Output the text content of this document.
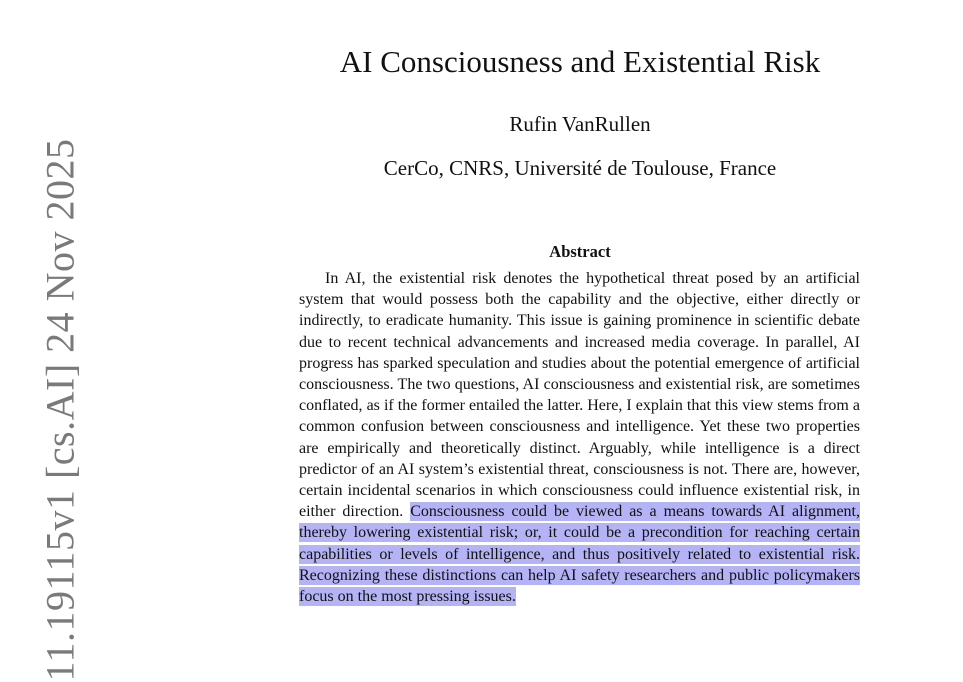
11.19115v1 [cs.AI] 24 Nov 2025
AI Consciousness and Existential Risk
Rufin VanRullen
CerCo, CNRS, Université de Toulouse, France
Abstract

In AI, the existential risk denotes the hypothetical threat posed by an artificial system that would possess both the capability and the objective, either directly or indirectly, to eradicate humanity. This issue is gaining prominence in scientific debate due to recent technical advancements and increased media coverage. In parallel, AI progress has sparked speculation and studies about the potential emergence of artificial consciousness. The two questions, AI consciousness and existential risk, are sometimes conflated, as if the former entailed the latter. Here, I explain that this view stems from a common confusion between consciousness and intelligence. Yet these two properties are empirically and theoretically distinct. Arguably, while intelligence is a direct predictor of an AI system’s existential threat, consciousness is not. There are, however, certain incidental scenarios in which consciousness could influence existential risk, in either direction. Consciousness could be viewed as a means towards AI alignment, thereby lowering existential risk; or, it could be a precondition for reaching certain capabilities or levels of intelligence, and thus positively related to existential risk. Recognizing these distinctions can help AI safety researchers and public policymakers focus on the most pressing issues.
